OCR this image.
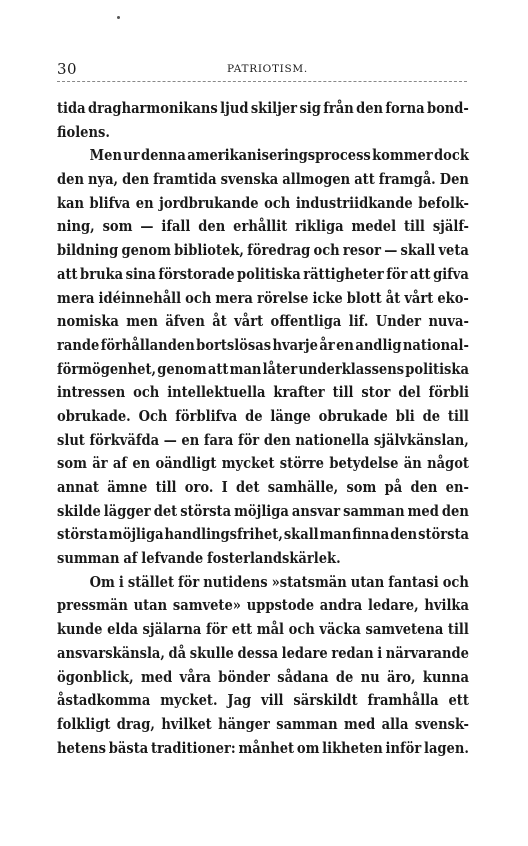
30	PATRIOTISM.
tida dragharmonikans ljud skiljer sig från den forna bond-
fiolens.
Men ur denna amerikaniseringsprocess kommer dock
den nya, den framtida svenska allmogen att framgå. Den
kan blifva en jordbrukande och industriidkande befolk-
ning, som — ifall den erhållit rikliga medel till själf-
bildning genom bibliotek, föredrag och resor — skall veta
att bruka sina förstorade politiska rättigheter för att gifva
mera idéinnehåll och mera rörelse icke blott åt vårt eko-
nomiska men äfven åt vårt offentliga lif. Under nuva-
rande förhållanden bortslösas hvarje år en andlig national-
förmögenhet, genom att man låter underklassens politiska
intressen och intellektuella krafter till stor del förbli
obrukade. Och förblifva de länge obrukade bli de till
slut förkväfda — en fara för den nationella självkänslan,
som är af en oändligt mycket större betydelse än något
annat ämne till oro. I det samhälle, som på den en-
skilde lägger det största möjliga ansvar samman med den
största möjliga handlingsfrihet, skall man finna den största
summan af lefvande fosterlandskärlek.
Om i stället för nutidens »statsmän utan fantasi och
pressmän utan samvete» uppstode andra ledare, hvilka
kunde elda själarna för ett mål och väcka samvetena till
ansvarskänsla, då skulle dessa ledare redan i närvarande
ögonblick, med våra bönder sådana de nu äro, kunna
åstadkomma mycket. Jag vill särskildt framhålla ett
folkligt drag, hvilket hänger samman med alla svensk-
hetens bästa traditioner: månhet om likheten inför lagen.
